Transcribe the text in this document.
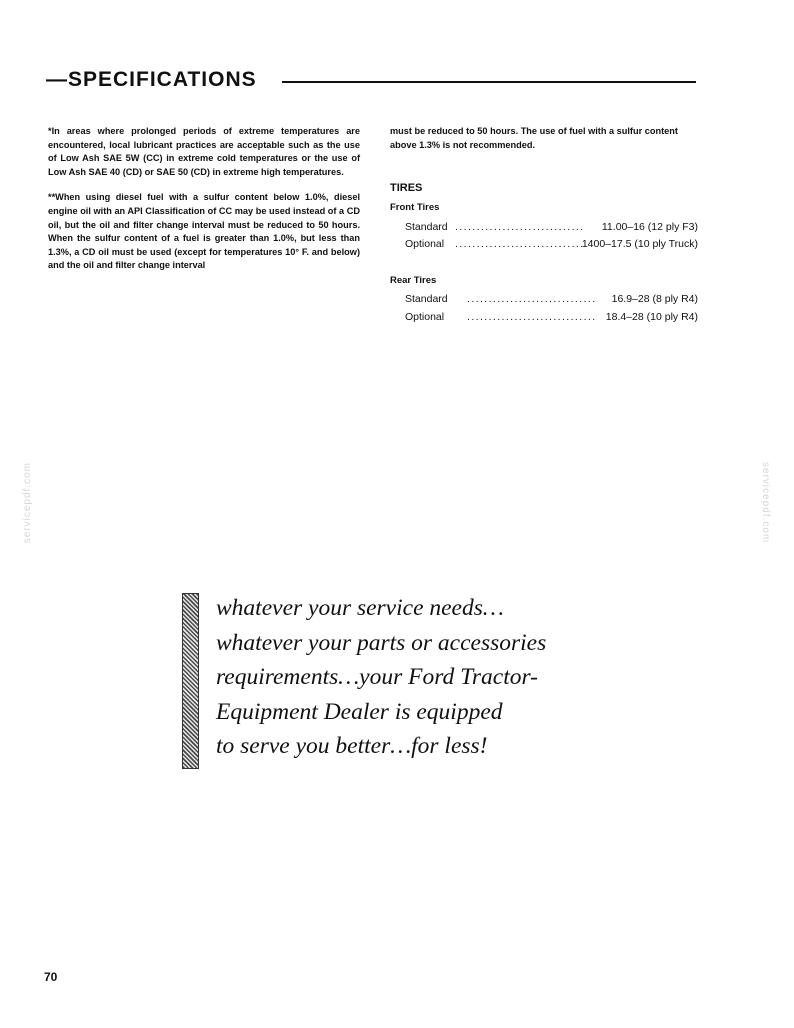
—SPECIFICATIONS

*In areas where prolonged periods of extreme temperatures are encountered, local lubricant practices are acceptable such as the use of Low Ash SAE 5W (CC) in extreme cold temperatures or the use of Low Ash SAE 40 (CD) or SAE 50 (CD) in extreme high temperatures.

**When using diesel fuel with a sulfur content below 1.0%, diesel engine oil with an API Classification of CC may be used instead of a CD oil, but the oil and filter change interval must be reduced to 50 hours. When the sulfur content of a fuel is greater than 1.0%, but less than 1.3%, a CD oil must be used (except for temperatures 10° F. and below) and the oil and filter change interval

must be reduced to 50 hours. The use of fuel with a sulfur content above 1.3% is not recommended.

TIRES
Front Tires
Standard .............................. 11.00–16 (12 ply F3)
Optional ..............................
1400–17.5 (10 ply Truck)
Rear Tires
Standard .............................. 16.9–28 (8 ply R4)
Optional .............................. 18.4–28 (10 ply R4)
servicepdf.com	servicepdf.com
whatever your service needs…
whatever your parts or accessories
requirements…your Ford Tractor-
Equipment Dealer is equipped
to serve you better…for less!
70
